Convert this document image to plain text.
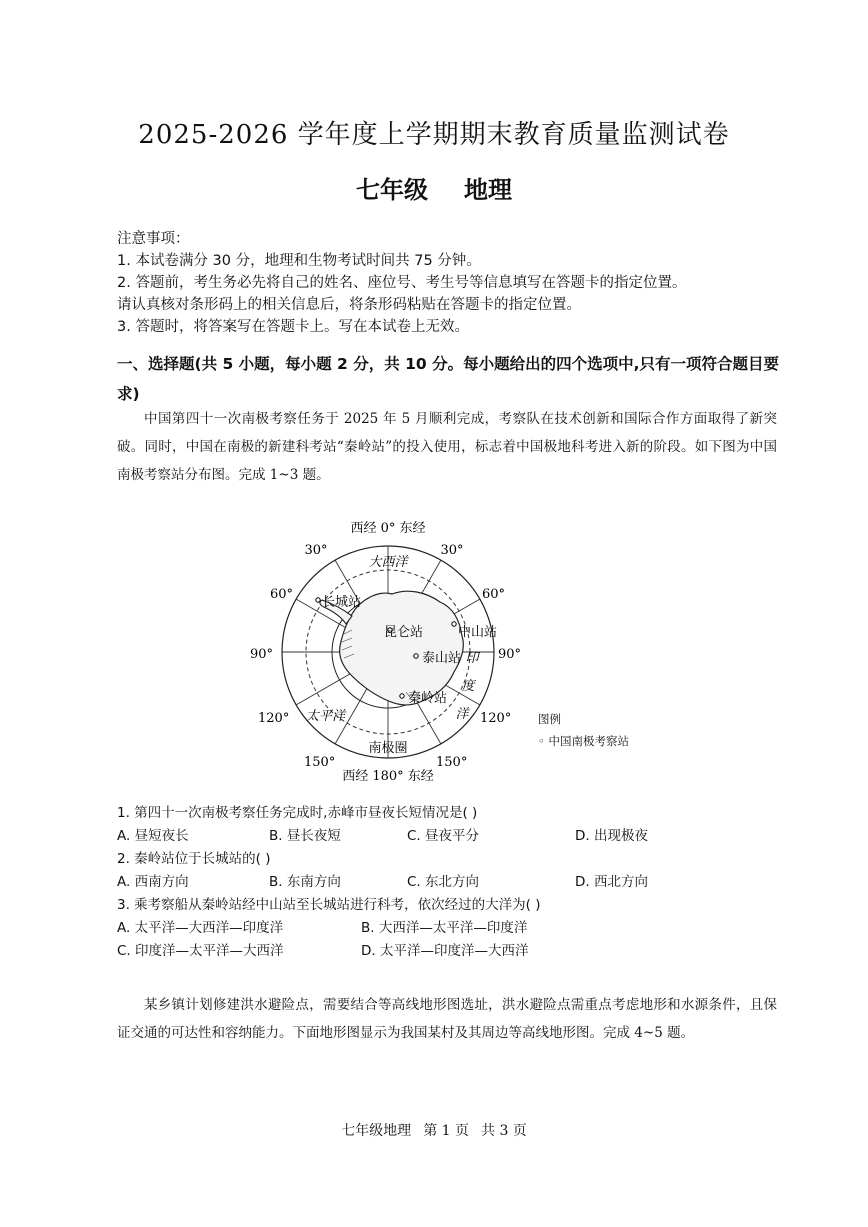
2025-2026 学年度上学期期末教育质量监测试卷
七年级 地理
注意事项：
1. 本试卷满分 30 分，地理和生物考试时间共 75 分钟。
2. 答题前，考生务必先将自己的姓名、座位号、考生号等信息填写在答题卡的指定位置。
请认真核对条形码上的相关信息后，将条形码粘贴在答题卡的指定位置。
3. 答题时，将答案写在答题卡上。写在本试卷上无效。
一、选择题(共 5 小题，每小题 2 分，共 10 分。每小题给出的四个选项中,只有一项符合题目要求)
中国第四十一次南极考察任务于 2025 年 5 月顺利完成，考察队在技术创新和国际合作方面取得了新突破。同时，中国在南极的新建科考站“秦岭站”的投入使用，标志着中国极地科考进入新的阶段。如下图为中国南极考察站分布图。完成 1~3 题。
西经 0° 东经
西经 180° 东经
30°	30°
60°	60°
90°	90°
120°	120°
150°	150°
大西洋
太平洋
印
度
洋
南极圈
长城站
昆仑站	中山站
泰山站
秦岭站
图例
◦ 中国南极考察站
1. 第四十一次南极考察任务完成时,赤峰市昼夜长短情况是( )
A. 昼短夜长	B. 昼长夜短	C. 昼夜平分	D. 出现极夜
2. 秦岭站位于长城站的( )
A. 西南方向	B. 东南方向	C. 东北方向	D. 西北方向
3. 乘考察船从秦岭站经中山站至长城站进行科考，依次经过的大洋为( )
A. 太平洋—大西洋—印度洋	B. 大西洋—太平洋—印度洋
C. 印度洋—太平洋—大西洋	D. 太平洋—印度洋—大西洋
某乡镇计划修建洪水避险点，需要结合等高线地形图选址，洪水避险点需重点考虑地形和水源条件，且保证交通的可达性和容纳能力。下面地形图显示为我国某村及其周边等高线地形图。完成 4~5 题。
七年级地理 第 1 页 共 3 页
